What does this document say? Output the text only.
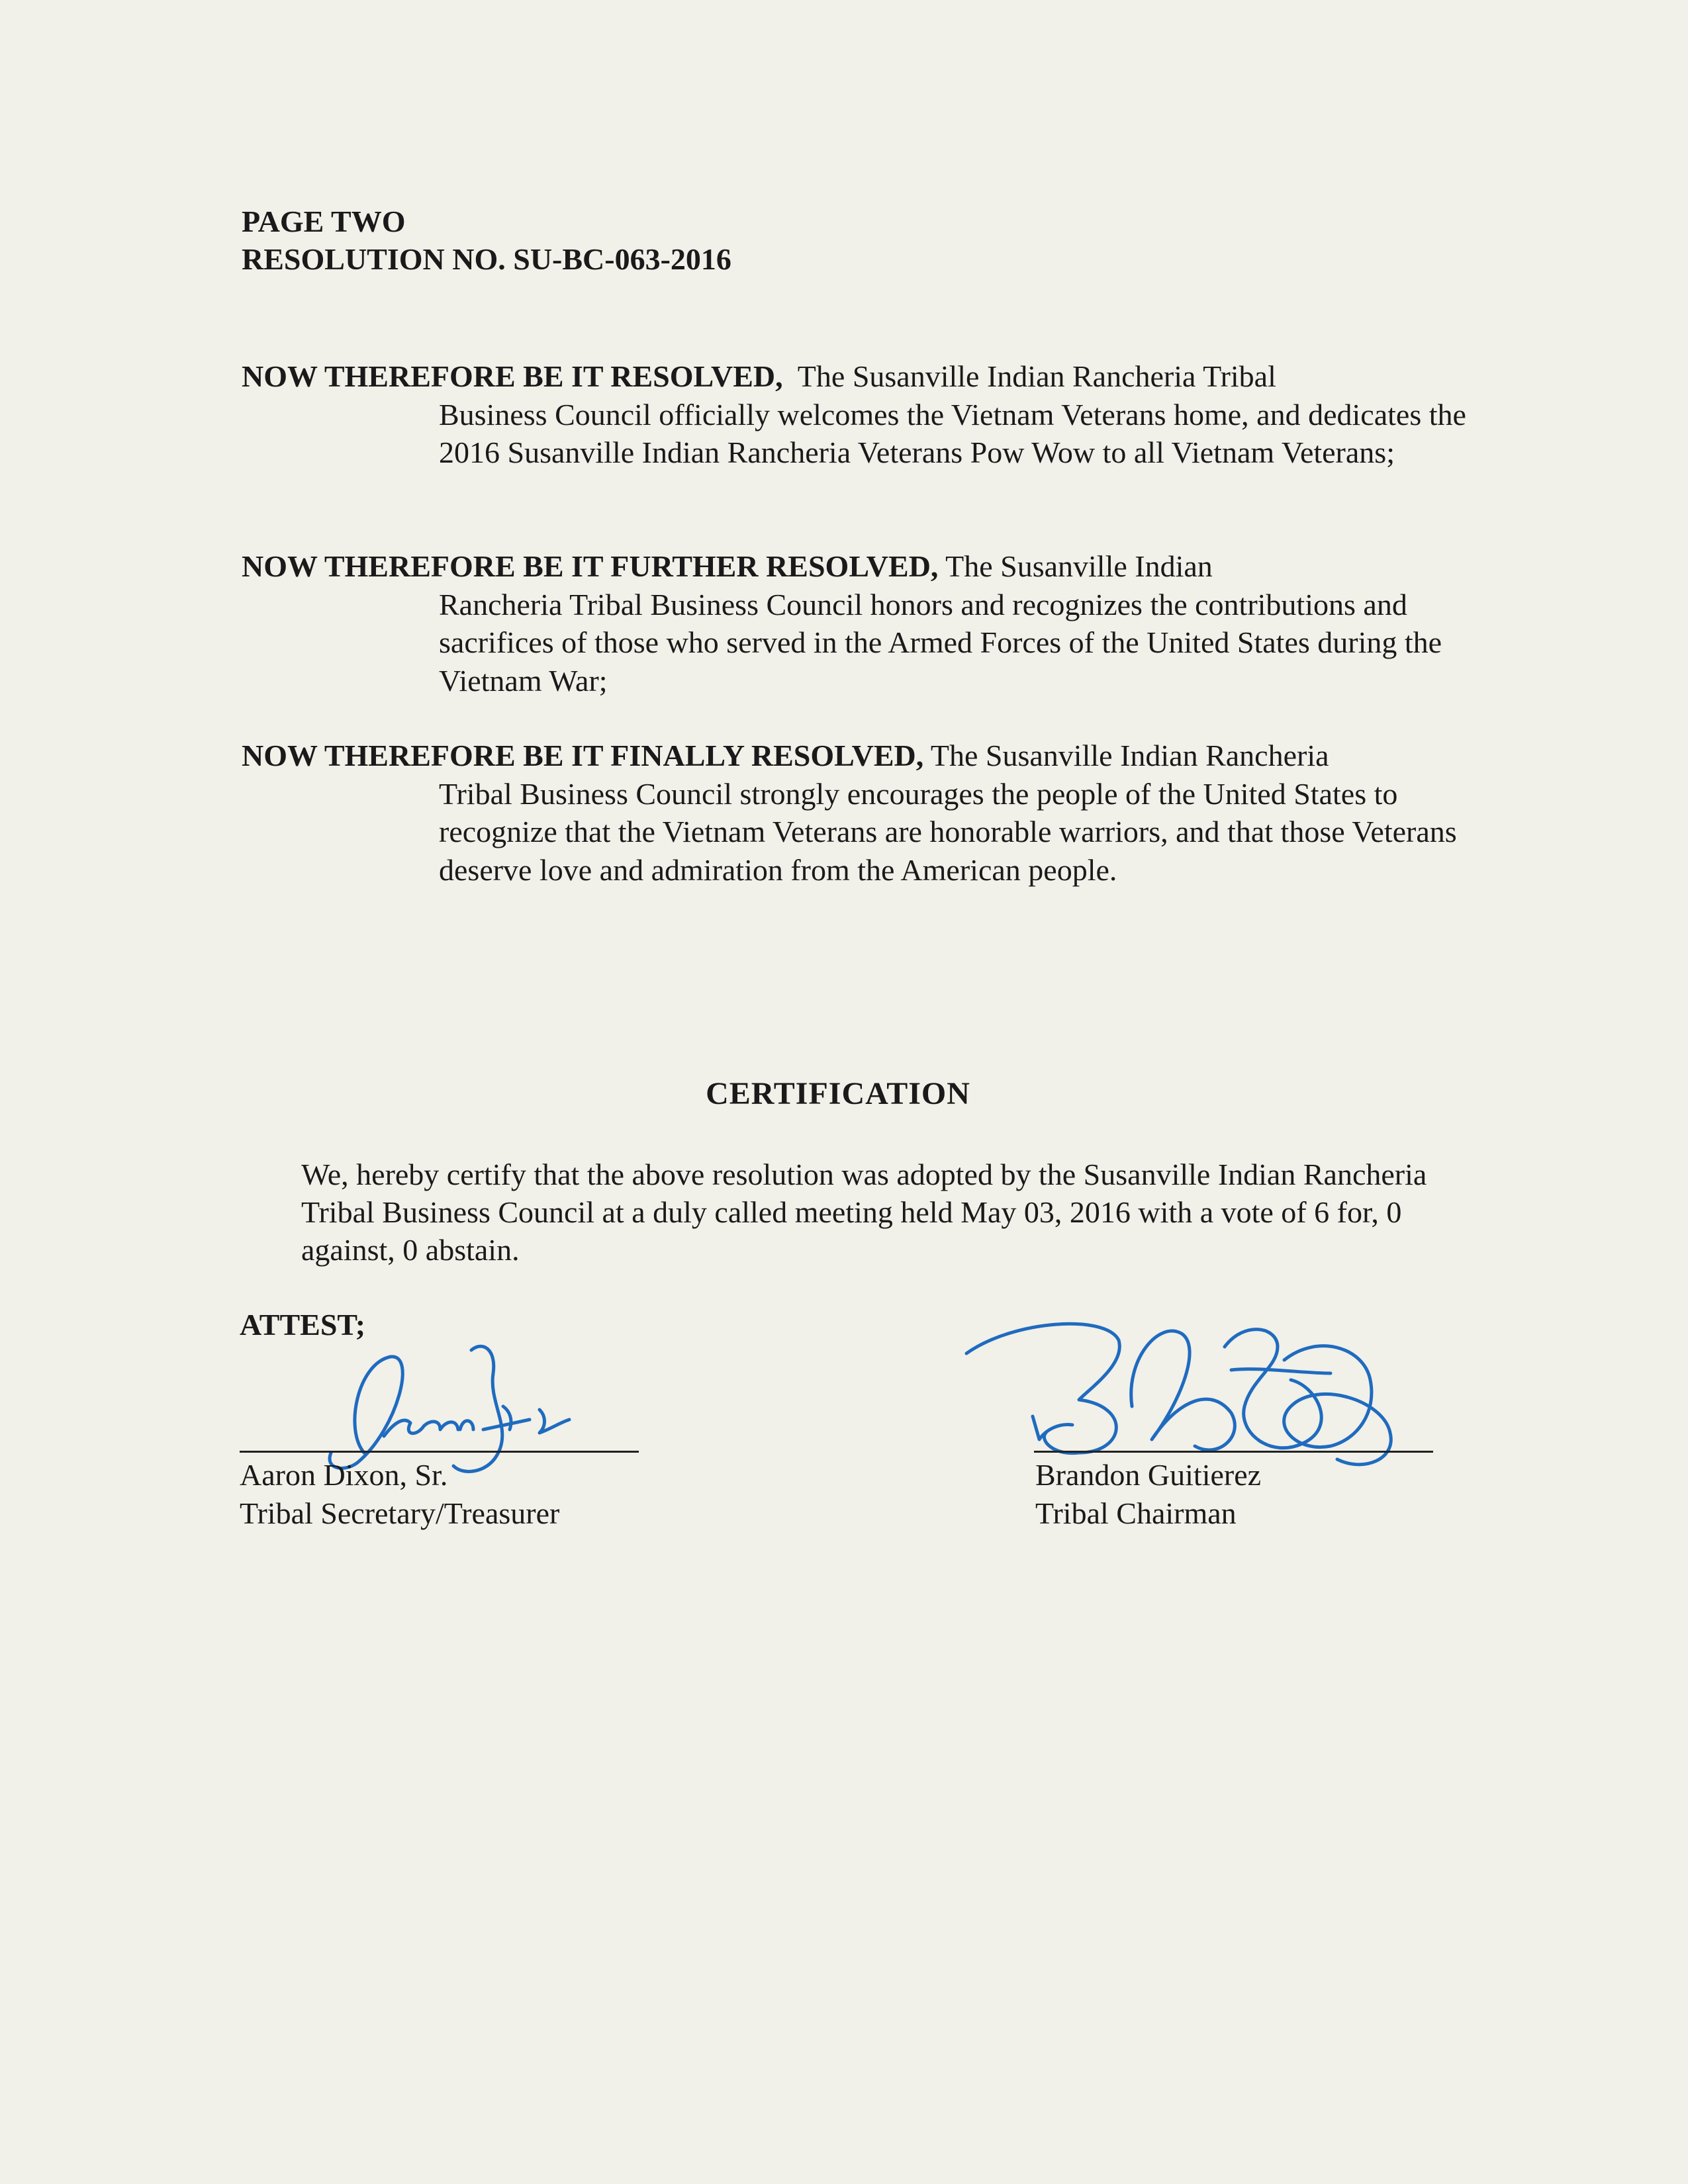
PAGE TWO
RESOLUTION NO. SU-BC-063-2016
NOW THEREFORE BE IT RESOLVED, The Susanville Indian Rancheria Tribal
Business Council officially welcomes the Vietnam Veterans home, and dedicates the 2016 Susanville Indian Rancheria Veterans Pow Wow to all Vietnam Veterans;
NOW THEREFORE BE IT FURTHER RESOLVED, The Susanville Indian
Rancheria Tribal Business Council honors and recognizes the contributions and sacrifices of those who served in the Armed Forces of the United States during the Vietnam War;
NOW THEREFORE BE IT FINALLY RESOLVED, The Susanville Indian Rancheria
Tribal Business Council strongly encourages the people of the United States to recognize that the Vietnam Veterans are honorable warriors, and that those Veterans deserve love and admiration from the American people.
CERTIFICATION
We, hereby certify that the above resolution was adopted by the Susanville Indian Rancheria Tribal Business Council at a duly called meeting held May 03, 2016 with a vote of 6 for, 0 against, 0 abstain.
ATTEST;
Aaron Dixon, Sr.
Tribal Secretary/Treasurer
Brandon Guitierez
Tribal Chairman
